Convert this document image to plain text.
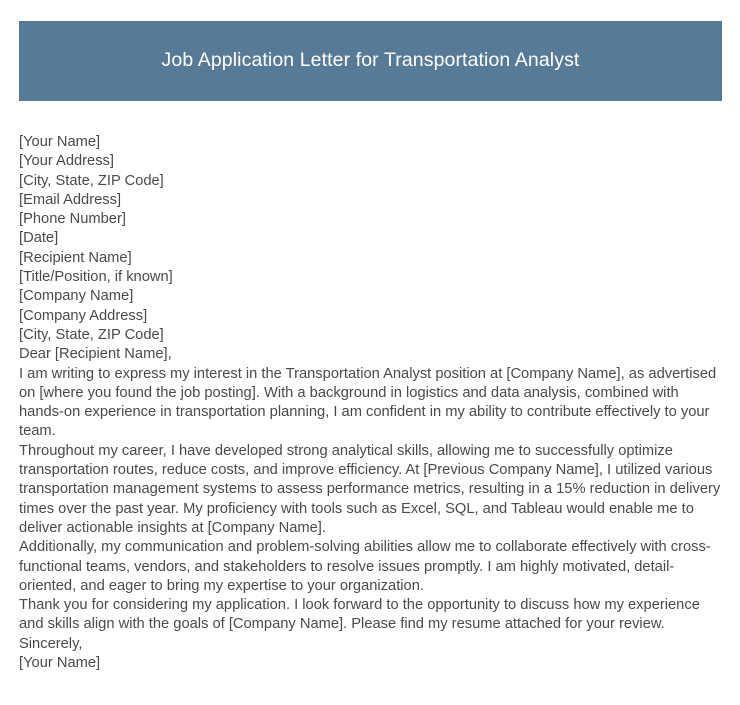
Job Application Letter for Transportation Analyst
[Your Name]
[Your Address]
[City, State, ZIP Code]
[Email Address]
[Phone Number]
[Date]
[Recipient Name]
[Title/Position, if known]
[Company Name]
[Company Address]
[City, State, ZIP Code]
Dear [Recipient Name],

I am writing to express my interest in the Transportation Analyst position at [Company Name], as advertised on [where you found the job posting]. With a background in logistics and data analysis, combined with hands-on experience in transportation planning, I am confident in my ability to contribute effectively to your team.

Throughout my career, I have developed strong analytical skills, allowing me to successfully optimize transportation routes, reduce costs, and improve efficiency. At [Previous Company Name], I utilized various transportation management systems to assess performance metrics, resulting in a 15% reduction in delivery times over the past year. My proficiency with tools such as Excel, SQL, and Tableau would enable me to deliver actionable insights at [Company Name].

Additionally, my communication and problem-solving abilities allow me to collaborate effectively with cross-functional teams, vendors, and stakeholders to resolve issues promptly. I am highly motivated, detail-oriented, and eager to bring my expertise to your organization.

Thank you for considering my application. I look forward to the opportunity to discuss how my experience and skills align with the goals of [Company Name]. Please find my resume attached for your review.

Sincerely,
[Your Name]
